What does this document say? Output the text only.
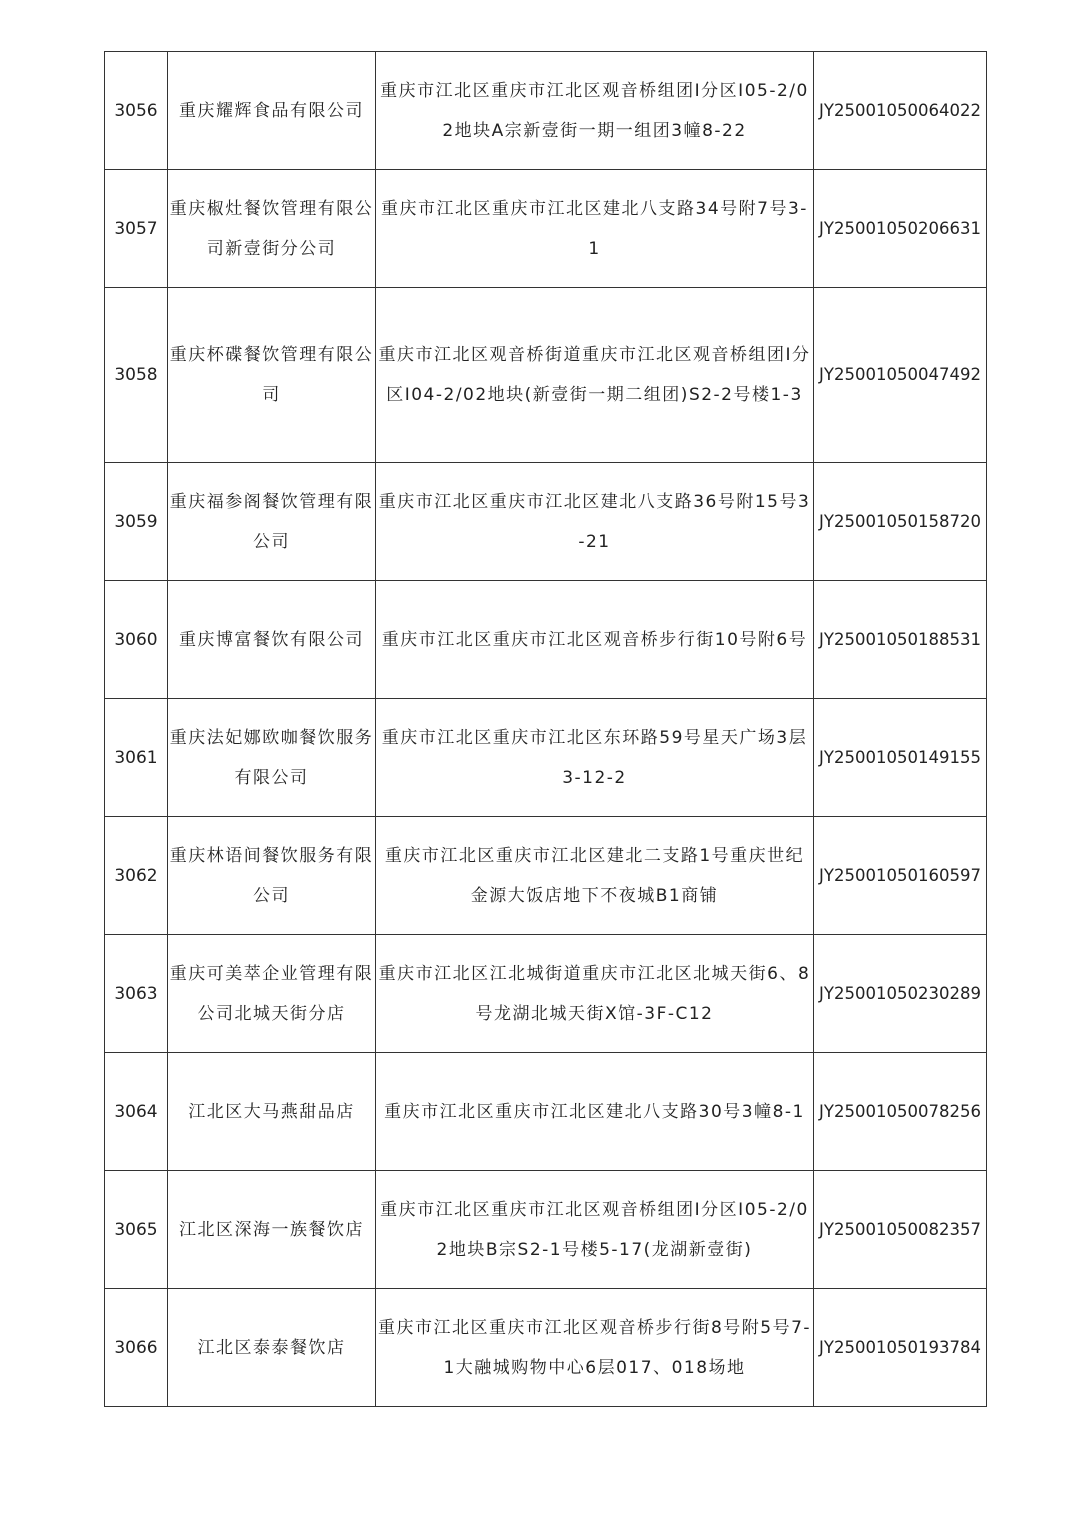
3056	重庆耀辉食品有限公司	重庆市江北区重庆市江北区观音桥组团Ⅰ分区I05-2/02地块A宗新壹街一期一组团3幢8-22	JY25001050064022
3057	重庆椒灶餐饮管理有限公司新壹街分公司	重庆市江北区重庆市江北区建北八支路34号附7号3-1	JY25001050206631
3058	重庆杯碟餐饮管理有限公司	重庆市江北区观音桥街道重庆市江北区观音桥组团Ⅰ分区I04-2/02地块(新壹街一期二组团)S2-2号楼1-3	JY25001050047492
3059	重庆福参阁餐饮管理有限公司	重庆市江北区重庆市江北区建北八支路36号附15号3-21	JY25001050158720
3060	重庆博富餐饮有限公司	重庆市江北区重庆市江北区观音桥步行街10号附6号	JY25001050188531
3061	重庆法妃娜欧咖餐饮服务有限公司	重庆市江北区重庆市江北区东环路59号星天广场3层3-12-2	JY25001050149155
3062	重庆林语间餐饮服务有限公司	重庆市江北区重庆市江北区建北二支路1号重庆世纪金源大饭店地下不夜城B1商铺	JY25001050160597
3063	重庆可美萃企业管理有限公司北城天街分店	重庆市江北区江北城街道重庆市江北区北城天街6、8号龙湖北城天街X馆-3F-C12	JY25001050230289
3064	江北区大马燕甜品店	重庆市江北区重庆市江北区建北八支路30号3幢8-1	JY25001050078256
3065	江北区深海一族餐饮店	重庆市江北区重庆市江北区观音桥组团Ⅰ分区I05-2/02地块B宗S2-1号楼5-17(龙湖新壹街)	JY25001050082357
3066	江北区泰泰餐饮店	重庆市江北区重庆市江北区观音桥步行街8号附5号7-1大融城购物中心6层017、018场地	JY25001050193784
